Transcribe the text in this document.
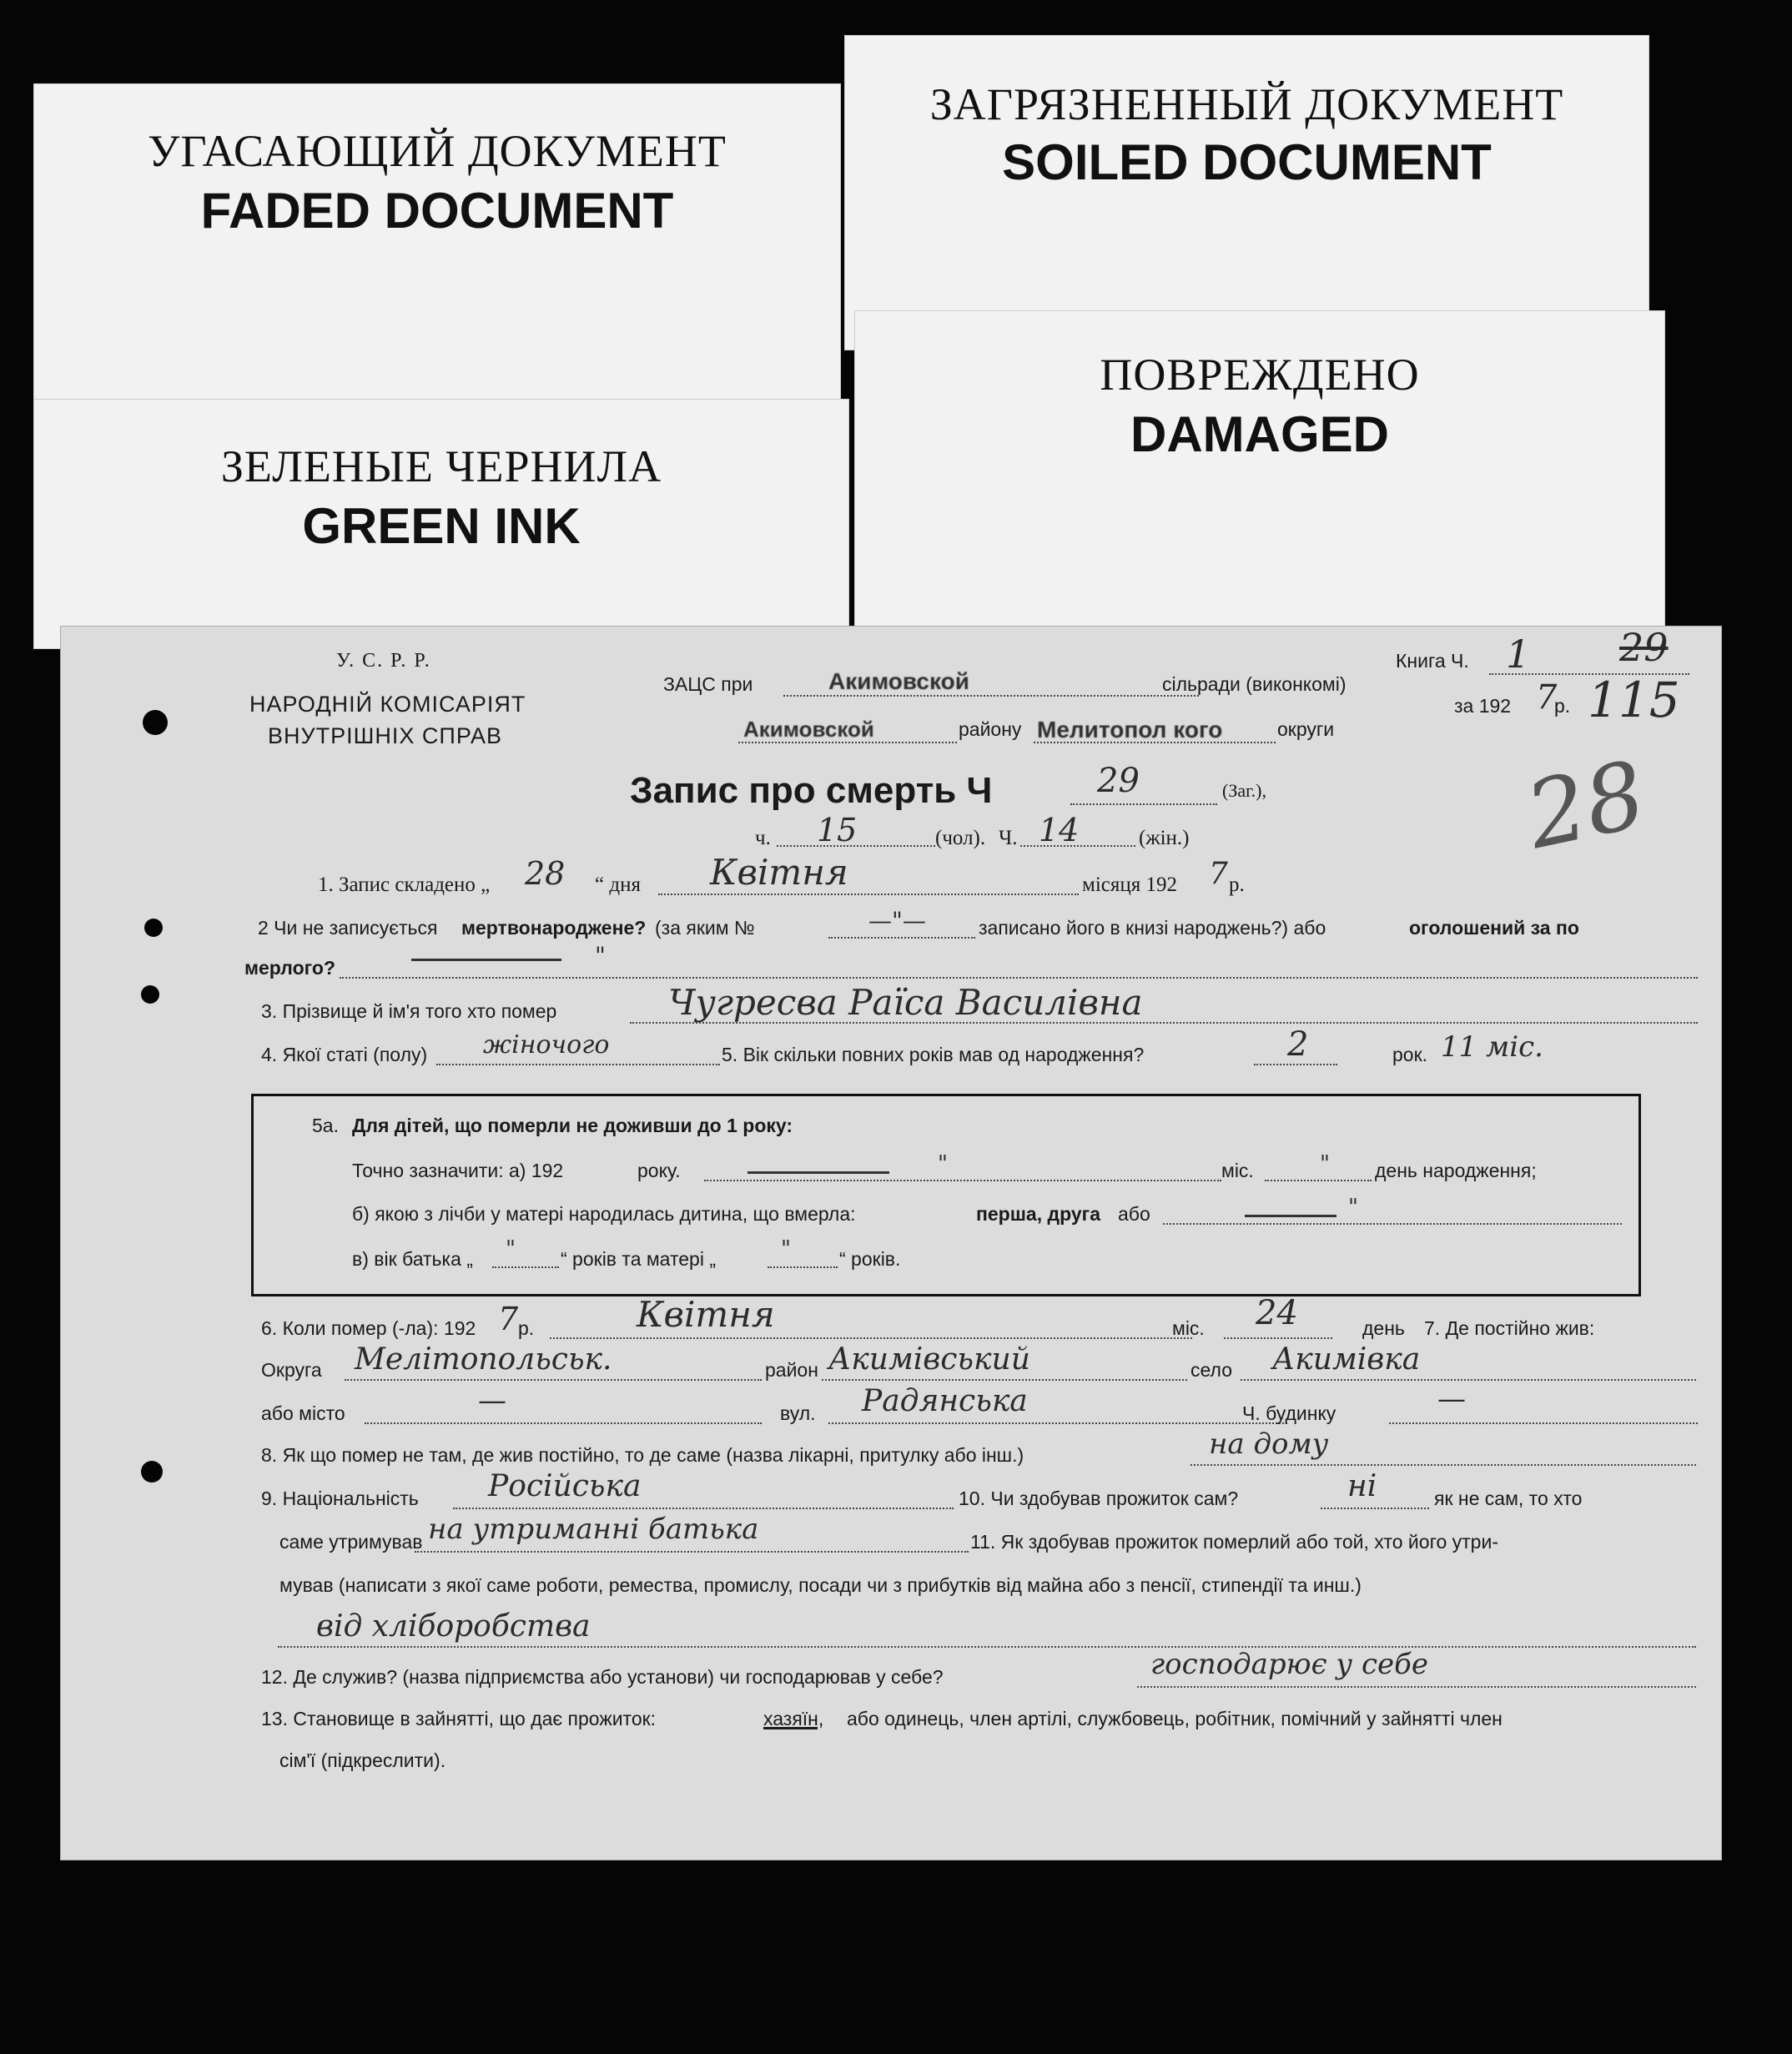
УГАСАЮЩИЙ ДОКУМЕНТ
FADED DOCUMENT
ЗАГРЯЗНЕННЫЙ ДОКУМЕНТ
SOILED DOCUMENT
ПОВРЕЖДЕНО
DAMAGED
ЗЕЛЕНЫЕ ЧЕРНИЛА
GREEN INK
У. С. Р. Р.
НАРОДНІЙ КОМІСАРІЯТ
ВНУТРІШНІХ СПРАВ
ЗАЦС при	Акимовской	сільради (виконкомі)
Акимовской	району Мелитопол кого	округи
Книга Ч. 1 29
за 192 7
р. 115
28
Запис про смерть Ч	29	(Заг.),
ч. 15	(чол). Ч. 14	(жін.)
1. Запис складено „ 28 “ дня Квітня	місяця 192 7 р.
2 Чи не записується мертвонароджене? (за яким №	—"—	записано його в книзі народжень?) або	оголошений за по
мерлого?	"
3. Прізвище й ім'я того хто помер	Чугресва Раїса Василівна
4. Якої статі (полу) жіночого	5. Вік скільки повних років мав од народження?	2	рок. 11 міс.
5а. Для дітей, що померли не доживши до 1 року:
Точно зазначити: а) 192	року.	"	міс.	" день народження;
б) якою з лічби у матері народилась дитина, що вмерла:	перша, друга або	"
в) вік батька „ " “ років та матері „	"	“ років.
6. Коли помер (-ла): 192 7 р.	Квітня	міс. 24	день 7. Де постійно жив:
Округа Мелітопольськ.	район Акимівський	село Акимівка
або місто	—	вул. Радянська	Ч. будинку	—
8. Як що помер не там, де жив постійно, то де саме (назва лікарні, притулку або інш.)	на дому
9. Національність Російська	10. Чи здобував прожиток сам?	ні	як не сам, то хто
саме утримував на утриманні батька	11. Як здобував прожиток померлий або той, хто його утри-
мував (написати з якої саме роботи, ремества, промислу, посади чи з прибутків від майна або з пенсії, стипендії та инш.)
від хліборобства
12. Де служив? (назва підприємства або установи) чи господарював у себе?	господарює у себе
13. Становище в зайнятті, що дає прожиток:	хазяїн, або одинець, член артілі, службовець, робітник, помічний у зайнятті член
сім'ї (підкреслити).
